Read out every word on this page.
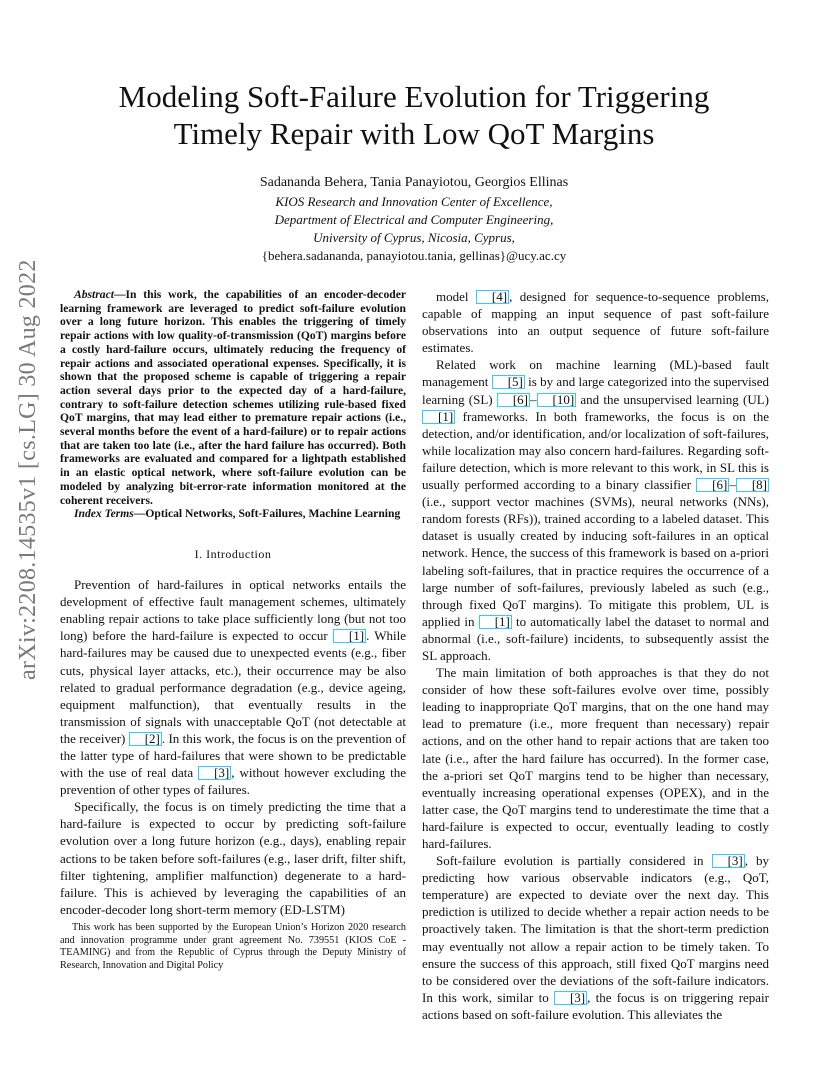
Modeling Soft-Failure Evolution for Triggering
Timely Repair with Low QoT Margins
Sadananda Behera, Tania Panayiotou, Georgios Ellinas
KIOS Research and Innovation Center of Excellence,
Department of Electrical and Computer Engineering,
University of Cyprus, Nicosia, Cyprus,
{behera.sadananda, panayiotou.tania, gellinas}@ucy.ac.cy
arXiv:2208.14535v1 [cs.LG] 30 Aug 2022	Abstract—In this work, the capabilities of an encoder-decoder learning framework are leveraged to predict soft-failure evolution over a long future horizon. This enables the triggering of timely repair actions with low quality-of-transmission (QoT) margins before a costly hard-failure occurs, ultimately reducing the frequency of repair actions and associated operational expenses. Specifically, it is shown that the proposed scheme is capable of triggering a repair action several days prior to the expected day of a hard-failure, contrary to soft-failure detection schemes utilizing rule-based fixed QoT margins, that may lead either to premature repair actions (i.e., several months before the event of a hard-failure) or to repair actions that are taken too late (i.e., after the hard failure has occurred). Both frameworks are evaluated and compared for a lightpath established in an elastic optical network, where soft-failure evolution can be modeled by analyzing bit-error-rate information monitored at the coherent receivers.

Index Terms—Optical Networks, Soft-Failures, Machine Learning

I. Introduction

Prevention of hard-failures in optical networks entails the development of effective fault management schemes, ultimately enabling repair actions to take place sufficiently long (but not too long) before the hard-failure is expected to occur [1] . While hard-failures may be caused due to unexpected events (e.g., fiber cuts, physical layer attacks, etc.), their occurrence may be also related to gradual performance degradation (e.g., device ageing, equipment malfunction), that eventually results in the transmission of signals with unacceptable QoT (not detectable at the receiver) [2] . In this work, the focus is on the prevention of the latter type of hard-failures that were shown to be predictable with the use of real data [3] , without however excluding the prevention of other types of failures.

Specifically, the focus is on timely predicting the time that a hard-failure is expected to occur by predicting soft-failure evolution over a long future horizon (e.g., days), enabling repair actions to be taken before soft-failures (e.g., laser drift, filter shift, filter tightening, amplifier malfunction) degenerate to a hard-failure. This is achieved by leveraging the capabilities of an encoder-decoder long short-term memory (ED-LSTM)

This work has been supported by the European Union’s Horizon 2020 research and innovation programme under grant agreement No. 739551 (KIOS CoE - TEAMING) and from the Republic of Cyprus through the Deputy Ministry of Research, Innovation and Digital Policy

model [4] , designed for sequence-to-sequence problems, capable of mapping an input sequence of past soft-failure observations into an output sequence of future soft-failure estimates.

Related work on machine learning (ML)-based fault management [5] is by and large categorized into the supervised learning (SL) [6] – [10] and the unsupervised learning (UL) [1] frameworks. In both frameworks, the focus is on the detection, and/or identification, and/or localization of soft-failures, while localization may also concern hard-failures. Regarding soft-failure detection, which is more relevant to this work, in SL this is usually performed according to a binary classifier [6] – [8] (i.e., support vector machines (SVMs), neural networks (NNs), random forests (RFs)), trained according to a labeled dataset. This dataset is usually created by inducing soft-failures in an optical network. Hence, the success of this framework is based on a-priori labeling soft-failures, that in practice requires the occurrence of a large number of soft-failures, previously labeled as such (e.g., through fixed QoT margins). To mitigate this problem, UL is applied in [1] to automatically label the dataset to normal and abnormal (i.e., soft-failure) incidents, to subsequently assist the SL approach.

The main limitation of both approaches is that they do not consider of how these soft-failures evolve over time, possibly leading to inappropriate QoT margins, that on the one hand may lead to premature (i.e., more frequent than necessary) repair actions, and on the other hand to repair actions that are taken too late (i.e., after the hard failure has occurred). In the former case, the a-priori set QoT margins tend to be higher than necessary, eventually increasing operational expenses (OPEX), and in the latter case, the QoT margins tend to underestimate the time that a hard-failure is expected to occur, eventually leading to costly hard-failures.

Soft-failure evolution is partially considered in [3] , by predicting how various observable indicators (e.g., QoT, temperature) are expected to deviate over the next day. This prediction is utilized to decide whether a repair action needs to be proactively taken. The limitation is that the short-term prediction may eventually not allow a repair action to be timely taken. To ensure the success of this approach, still fixed QoT margins need to be considered over the deviations of the soft-failure indicators. In this work, similar to [3] , the focus is on triggering repair actions based on soft-failure evolution. This alleviates the
